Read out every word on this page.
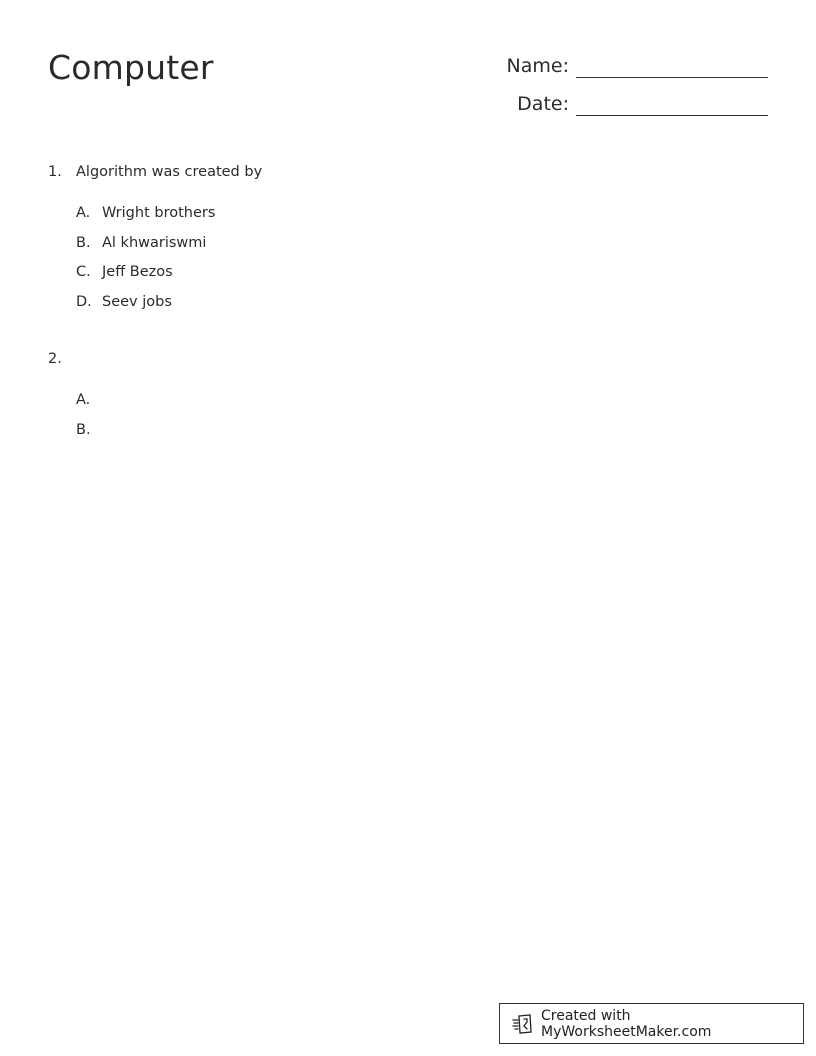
Computer	Name:
Date:
1. Algorithm was created by
A. Wright brothers
B. Al khwariswmi
C. Jeff Bezos
D. Seev jobs
2.
A.
B.
Created with MyWorksheetMaker.com
